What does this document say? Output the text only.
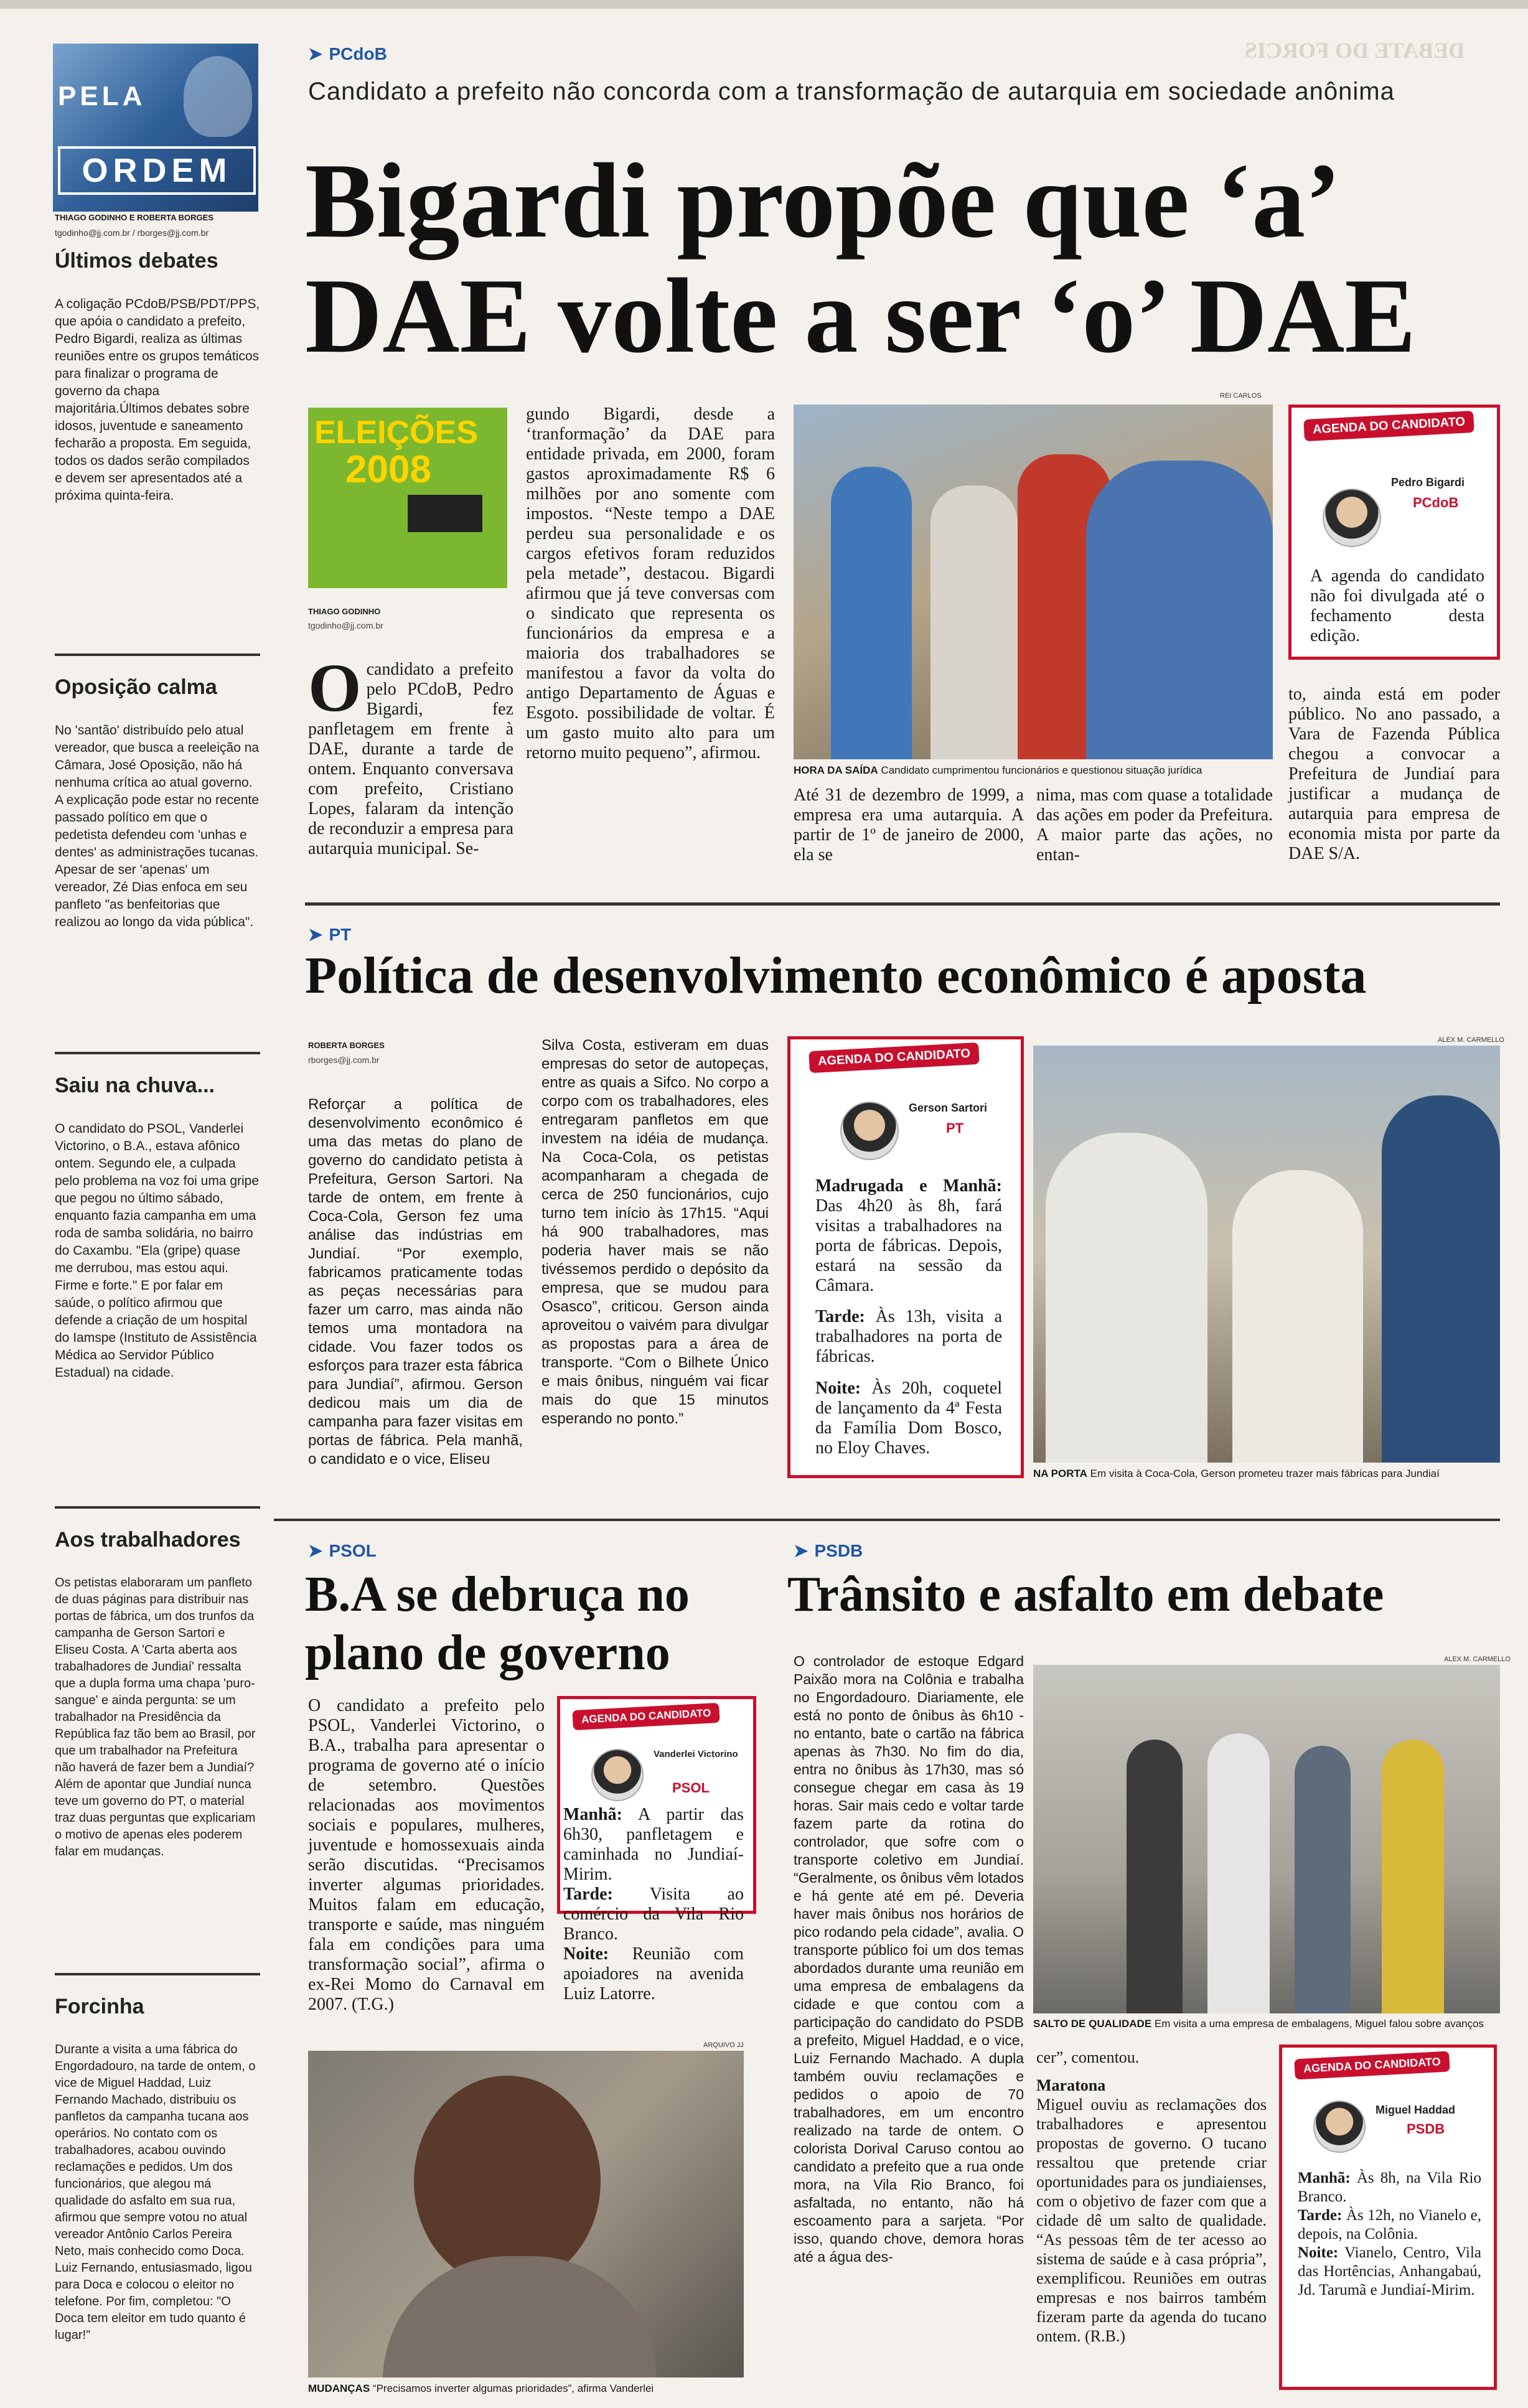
PELA
ORDEM
THIAGO GODINHO E ROBERTA BORGES
tgodinho@jj.com.br / rborges@jj.com.br
Últimos debates
A coligação PCdoB/PSB/PDT/PPS, que apóia o candidato a prefeito, Pedro Bigardi, realiza as últimas reuniões entre os grupos temáticos para finalizar o programa de governo da chapa majoritária.Últimos debates sobre idosos, juventude e saneamento fecharão a proposta. Em seguida, todos os dados serão compilados e devem ser apresentados até a próxima quinta-feira.
Oposição calma
No 'santão' distribuído pelo atual vereador, que busca a reeleição na Câmara, José Oposição, não há nenhuma crítica ao atual governo. A explicação pode estar no recente passado político em que o pedetista defendeu com 'unhas e dentes' as administrações tucanas. Apesar de ser 'apenas' um vereador, Zé Dias enfoca em seu panfleto "as benfeitorias que realizou ao longo da vida pública".
Saiu na chuva...
O candidato do PSOL, Vanderlei Victorino, o B.A., estava afônico ontem. Segundo ele, a culpada pelo problema na voz foi uma gripe que pegou no último sábado, enquanto fazia campanha em uma roda de samba solidária, no bairro do Caxambu. "Ela (gripe) quase me derrubou, mas estou aqui. Firme e forte." E por falar em saúde, o político afirmou que defende a criação de um hospital do Iamspe (Instituto de Assistência Médica ao Servidor Público Estadual) na cidade.
Aos trabalhadores
Os petistas elaboraram um panfleto de duas páginas para distribuir nas portas de fábrica, um dos trunfos da campanha de Gerson Sartori e Eliseu Costa. A 'Carta aberta aos trabalhadores de Jundiaí' ressalta que a dupla forma uma chapa 'puro-sangue' e ainda pergunta: se um trabalhador na Presidência da República faz tão bem ao Brasil, por que um trabalhador na Prefeitura não haverá de fazer bem a Jundiaí? Além de apontar que Jundiaí nunca teve um governo do PT, o material traz duas perguntas que explicariam o motivo de apenas eles poderem falar em mudanças.
Forcinha
Durante a visita a uma fábrica do Engordadouro, na tarde de ontem, o vice de Miguel Haddad, Luiz Fernando Machado, distribuiu os panfletos da campanha tucana aos operários. No contato com os trabalhadores, acabou ouvindo reclamações e pedidos. Um dos funcionários, que alegou má qualidade do asfalto em sua rua, afirmou que sempre votou no atual vereador Antônio Carlos Pereira Neto, mais conhecido como Doca. Luiz Fernando, entusiasmado, ligou para Doca e colocou o eleitor no telefone. Por fim, completou: "O Doca tem eleitor em tudo quanto é lugar!"
➤ PCdoB	DEBATE DO FORCIS
Candidato a prefeito não concorda com a transformação de autarquia em sociedade anônima
Bigardi propõe que ‘a’
DAE volte a ser ‘o’ DAE
ELEIÇÕES
2008
THIAGO GODINHO
tgodinho@jj.com.br
Ocandidato a prefeito pelo PCdoB, Pedro Bigardi, fez panfletagem em frente à DAE, durante a tarde de ontem. Enquanto conversava com prefeito, Cristiano Lopes, falaram da intenção de reconduzir a empresa para autarquia municipal. Se-
gundo Bigardi, desde a ‘tranformação’ da DAE para entidade privada, em 2000, foram gastos aproximadamente R$ 6 milhões por ano somente com impostos. “Neste tempo a DAE perdeu sua personalidade e os cargos efetivos foram reduzidos pela metade”, destacou. Bigardi afirmou que já teve conversas com o sindicato que representa os funcionários da empresa e a maioria dos trabalhadores se manifestou a favor da volta do antigo Departamento de Águas e Esgoto. possibilidade de voltar. É um gasto muito alto para um retorno muito pequeno”, afirmou.
REI CARLOS
HORA DA SAÍDA Candidato cumprimentou funcionários e questionou situação jurídica
Até 31 de dezembro de 1999, a empresa era uma autarquia. A partir de 1º de janeiro de 2000, ela se
nima, mas com quase a totalidade das ações em poder da Prefeitura. A maior parte das ações, no entan-
AGENDA DO CANDIDATO
Pedro Bigardi
PCdoB
A agenda do candidato não foi divulgada até o fechamento desta edição.
to, ainda está em poder público. No ano passado, a Vara de Fazenda Pública chegou a convocar a Prefeitura de Jundiaí para justificar a mudança de autarquia para empresa de economia mista por parte da DAE S/A.
➤ PT
Política de desenvolvimento econômico é aposta
ROBERTA BORGES
rborges@jj.com.br
Reforçar a política de desenvolvimento econômico é uma das metas do plano de governo do candidato petista à Prefeitura, Gerson Sartori. Na tarde de ontem, em frente à Coca-Cola, Gerson fez uma análise das indústrias em Jundiaí. “Por exemplo, fabricamos praticamente todas as peças necessárias para fazer um carro, mas ainda não temos uma montadora na cidade. Vou fazer todos os esforços para trazer esta fábrica para Jundiaí”, afirmou. Gerson dedicou mais um dia de campanha para fazer visitas em portas de fábrica. Pela manhã, o candidato e o vice, Eliseu
Silva Costa, estiveram em duas empresas do setor de autopeças, entre as quais a Sifco. No corpo a corpo com os trabalhadores, eles entregaram panfletos em que investem na idéia de mudança. Na Coca-Cola, os petistas acompanharam a chegada de cerca de 250 funcionários, cujo turno tem início às 17h15. “Aqui há 900 trabalhadores, mas poderia haver mais se não tivéssemos perdido o depósito da empresa, que se mudou para Osasco”, criticou. Gerson ainda aproveitou o vaivém para divulgar as propostas para a área de transporte. “Com o Bilhete Único e mais ônibus, ninguém vai ficar mais do que 15 minutos esperando no ponto.”
AGENDA DO CANDIDATO
Gerson Sartori
PT
Madrugada e Manhã: Das 4h20 às 8h, fará visitas a trabalhadores na porta de fábricas. Depois, estará na sessão da Câmara.
Tarde: Às 13h, visita a trabalhadores na porta de fábricas.
Noite: Às 20h, coquetel de lançamento da 4ª Festa da Família Dom Bosco, no Eloy Chaves.
ALEX M. CARMELLO
NA PORTA Em visita à Coca-Cola, Gerson prometeu trazer mais fábricas para Jundiaí
➤ PSOL
B.A se debruça no plano de governo
O candidato a prefeito pelo PSOL, Vanderlei Victorino, o B.A., trabalha para apresentar o programa de governo até o início de setembro. Questões relacionadas aos movimentos sociais e populares, mulheres, juventude e homossexuais ainda serão discutidas. “Precisamos inverter algumas prioridades. Muitos falam em educação, transporte e saúde, mas ninguém fala em condições para uma transformação social”, afirma o ex-Rei Momo do Carnaval em 2007. (T.G.)
AGENDA DO CANDIDATO
Vanderlei Victorino
PSOL
Manhã: A partir das 6h30, panfletagem e caminhada no Jundiaí-Mirim.
Tarde: Visita ao comércio da Vila Rio Branco.
Noite: Reunião com apoiadores na avenida Luiz Latorre.
ARQUIVO JJ
MUDANÇAS “Precisamos inverter algumas prioridades”, afirma Vanderlei
➤ PSDB
Trânsito e asfalto em debate
O controlador de estoque Edgard Paixão mora na Colônia e trabalha no Engordadouro. Diariamente, ele está no ponto de ônibus às 6h10 - no entanto, bate o cartão na fábrica apenas às 7h30. No fim do dia, entra no ônibus às 17h30, mas só consegue chegar em casa às 19 horas. Sair mais cedo e voltar tarde fazem parte da rotina do controlador, que sofre com o transporte coletivo em Jundiaí. “Geralmente, os ônibus vêm lotados e há gente até em pé. Deveria haver mais ônibus nos horários de pico rodando pela cidade”, avalia. O transporte público foi um dos temas abordados durante uma reunião em uma empresa de embalagens da cidade e que contou com a participação do candidato do PSDB a prefeito, Miguel Haddad, e o vice, Luiz Fernando Machado. A dupla também ouviu reclamações e pedidos o apoio de 70 trabalhadores, em um encontro realizado na tarde de ontem. O colorista Dorival Caruso contou ao candidato a prefeito que a rua onde mora, na Vila Rio Branco, foi asfaltada, no entanto, não há escoamento para a sarjeta. “Por isso, quando chove, demora horas até a água des-
ALEX M. CARMELLO
SALTO DE QUALIDADE Em visita a uma empresa de embalagens, Miguel falou sobre avanços
cer”, comentou.
Maratona
Miguel ouviu as reclamações dos trabalhadores e apresentou propostas de governo. O tucano ressaltou que pretende criar oportunidades para os jundiaienses, com o objetivo de fazer com que a cidade dê um salto de qualidade. “As pessoas têm de ter acesso ao sistema de saúde e à casa própria”, exemplificou. Reuniões em outras empresas e nos bairros também fizeram parte da agenda do tucano ontem. (R.B.)
AGENDA DO CANDIDATO
Miguel Haddad
PSDB
Manhã: Às 8h, na Vila Rio Branco.
Tarde: Às 12h, no Vianelo e, depois, na Colônia.
Noite: Vianelo, Centro, Vila das Hortências, Anhangabaú, Jd. Tarumã e Jundiaí-Mirim.
